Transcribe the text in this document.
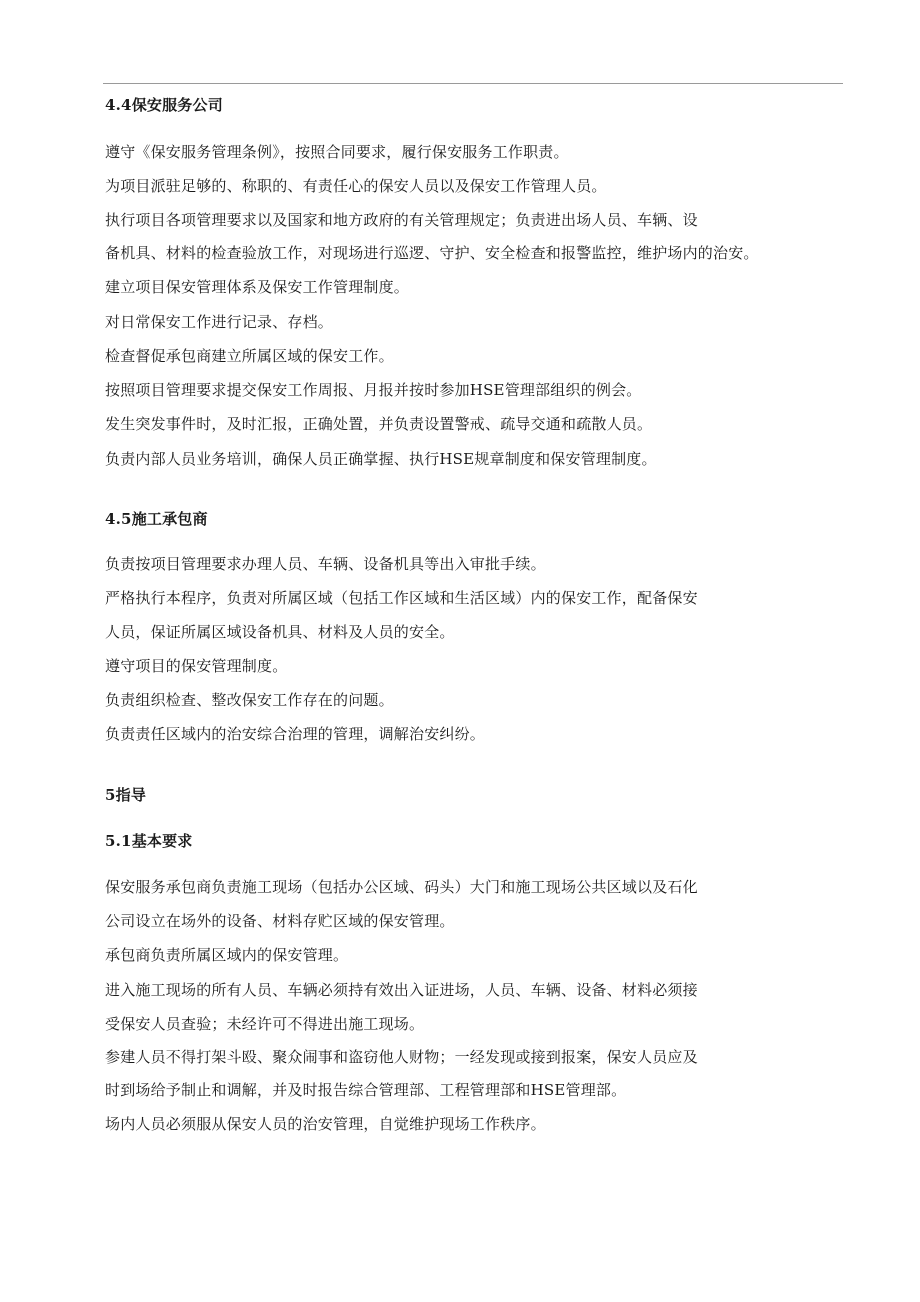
4.4保安服务公司
遵守《保安服务管理条例》，按照合同要求，履行保安服务工作职责。
为项目派驻足够的、称职的、有责任心的保安人员以及保安工作管理人员。
执行项目各项管理要求以及国家和地方政府的有关管理规定；负责进出场人员、车辆、设
备机具、材料的检查验放工作，对现场进行巡逻、守护、安全检查和报警监控，维护场内的治安。
建立项目保安管理体系及保安工作管理制度。
对日常保安工作进行记录、存档。
检查督促承包商建立所属区域的保安工作。
按照项目管理要求提交保安工作周报、月报并按时参加HSE管理部组织的例会。
发生突发事件时，及时汇报，正确处置，并负责设置警戒、疏导交通和疏散人员。
负责内部人员业务培训，确保人员正确掌握、执行HSE规章制度和保安管理制度。
4.5施工承包商
负责按项目管理要求办理人员、车辆、设备机具等出入审批手续。
严格执行本程序，负责对所属区域（包括工作区域和生活区域）内的保安工作，配备保安
人员，保证所属区域设备机具、材料及人员的安全。
遵守项目的保安管理制度。
负责组织检查、整改保安工作存在的问题。
负责责任区域内的治安综合治理的管理，调解治安纠纷。
5指导
5.1基本要求
保安服务承包商负责施工现场（包括办公区域、码头）大门和施工现场公共区域以及石化
公司设立在场外的设备、材料存贮区域的保安管理。
承包商负责所属区域内的保安管理。
进入施工现场的所有人员、车辆必须持有效出入证进场，人员、车辆、设备、材料必须接
受保安人员查验；未经许可不得进出施工现场。
参建人员不得打架斗殴、聚众闹事和盗窃他人财物；一经发现或接到报案，保安人员应及
时到场给予制止和调解，并及时报告综合管理部、工程管理部和HSE管理部。
场内人员必须服从保安人员的治安管理，自觉维护现场工作秩序。
